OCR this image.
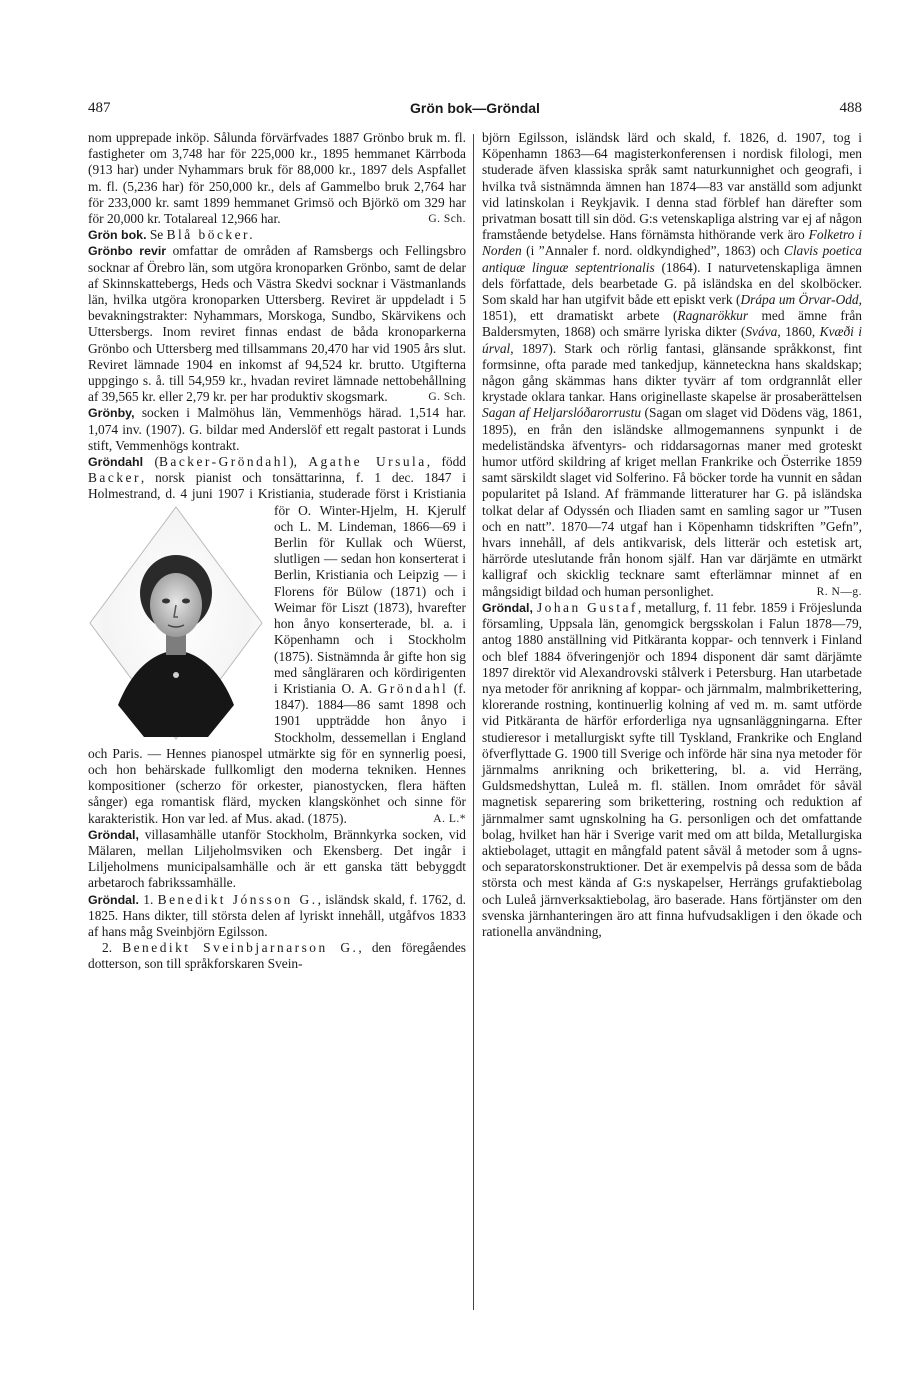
487	Grön bok—Gröndal	488

nom upprepade inköp. Sålunda förvärfvades 1887 Grönbo bruk m. fl. fastigheter om 3,748 har för 225,000 kr., 1895 hemmanet Kärrboda (913 har) under Nyhammars bruk för 88,000 kr., 1897 dels Aspfallet m. fl. (5,236 har) för 250,000 kr., dels af Gammelbo bruk 2,764 har för 233,000 kr. samt 1899 hemmanet Grimsö och Björkö om 329 har för 20,000 kr. Totalareal 12,966 har.	G. Sch.

Grön bok. Se Blå böcker.

Grönbo revir omfattar de områden af Ramsbergs och Fellingsbro socknar af Örebro län, som utgöra kronoparken Grönbo, samt de delar af Skinnskattebergs, Heds och Västra Skedvi socknar i Västmanlands län, hvilka utgöra kronoparken Uttersberg. Reviret är uppdeladt i 5 bevakningstrakter: Nyhammars, Morskoga, Sundbo, Skärvikens och Uttersbergs. Inom reviret finnas endast de båda kronoparkerna Grönbo och Uttersberg med tillsammans 20,470 har vid 1905 års slut. Reviret lämnade 1904 en inkomst af 94,524 kr. brutto. Utgifterna uppgingo s. å. till 54,959 kr., hvadan reviret lämnade nettobehållning af 39,565 kr. eller 2,79 kr. per har produktiv skogsmark.	G. Sch.

Grönby, socken i Malmöhus län, Vemmenhögs härad. 1,514 har. 1,074 inv. (1907). G. bildar med Anderslöf ett regalt pastorat i Lunds stift, Vemmenhögs kontrakt.

Gröndahl (Backer-Gröndahl), Agathe Ursula, född Backer, norsk pianist och tonsättarinna, f. 1 dec. 1847 i Holmestrand, d. 4 juni 1907 i Kristiania, studerade först i Kristiania för O.
Winter-Hjelm, H. Kjerulf och L. M. Lindeman, 1866—69 i Berlin för Kullak och Wüerst, slutligen — sedan hon konserterat i Berlin, Kristiania och Leipzig — i Florens för Bülow (1871) och i Weimar för Liszt (1873), hvarefter hon ånyo konserterade, bl. a. i Köpenhamn och i Stockholm (1875). Sistnämnda år gifte hon sig med sångläraren och kördirigenten i Kristiania O. A. Gröndahl (f. 1847). 1884—86 samt 1898 och 1901 uppträdde hon ånyo i Stockholm, dessemellan i England och Paris. — Hennes pianospel utmärkte sig för en synnerlig poesi, och hon behärskade fullkomligt den moderna tekniken. Hennes kompositioner (scherzo för orkester, pianostycken, flera häften sånger) ega romantisk flärd, mycken klangskönhet och sinne för karakteristik. Hon var led. af Mus. akad. (1875).	A. L.*

Gröndal, villasamhälle utanför Stockholm, Brännkyrka socken, vid Mälaren, mellan Liljeholmsviken och Ekensberg. Det ingår i Liljeholmens municipalsamhälle och är ett ganska tätt bebyggdt arbetaroch fabrikssamhälle.

Gröndal. 1. Benedikt Jónsson G., isländsk skald, f. 1762, d. 1825. Hans dikter, till största delen af lyriskt innehåll, utgåfvos 1833 af hans måg Sveinbjörn Egilsson.

2. Benedikt Sveinbjarnarson G., den föregåendes dotterson, son till språkforskaren Svein-

björn Egilsson, isländsk lärd och skald, f. 1826, d. 1907, tog i Köpenhamn 1863—64 magisterkonferensen i nordisk filologi, men studerade äfven klassiska språk samt naturkunnighet och geografi, i hvilka två sistnämnda ämnen han 1874—83 var anställd som adjunkt vid latinskolan i Reykjavik. I denna stad förblef han därefter som privatman bosatt till sin död. G:s vetenskapliga alstring var ej af någon framstående betydelse. Hans förnämsta hithörande verk äro Folketro i Norden (i ”Annaler f. nord. oldkyndighed”, 1863) och Clavis poetica antiquæ linguæ septentrionalis (1864). I naturvetenskapliga ämnen dels författade, dels bearbetade G. på isländska en del skolböcker. Som skald har han utgifvit både ett episkt verk (Drápa um Örvar-Odd, 1851), ett dramatiskt arbete (Ragnarökkur med ämne från Baldersmyten, 1868) och smärre lyriska dikter (Sváva, 1860, Kvæði i úrval, 1897). Stark och rörlig fantasi, glänsande språkkonst, fint formsinne, ofta parade med tankedjup, känneteckna hans skaldskap; någon gång skämmas hans dikter tyvärr af tom ordgrannlåt eller krystade oklara tankar. Hans originellaste skapelse är prosaberättelsen Sagan af Heljarslóðarorrustu (Sagan om slaget vid Dödens väg, 1861, 1895), en från den isländske allmogemannens synpunkt i de medeliständska äfventyrs- och riddarsagornas maner med groteskt humor utförd skildring af kriget mellan Frankrike och Österrike 1859 samt särskildt slaget vid Solferino. Få böcker torde ha vunnit en sådan popularitet på Island. Af främmande litteraturer har G. på isländska tolkat delar af Odyssén och Iliaden samt en samling sagor ur ”Tusen och en natt”. 1870—74 utgaf han i Köpenhamn tidskriften ”Gefn”, hvars innehåll, af dels antikvarisk, dels litterär och estetisk art, härrörde uteslutande från honom själf. Han var därjämte en utmärkt kalligraf och skicklig tecknare samt efterlämnar minnet af en mångsidigt bildad och human personlighet.	R. N—g.

Gröndal, Johan Gustaf, metallurg, f. 11 febr. 1859 i Fröjeslunda församling, Uppsala län, genomgick bergsskolan i Falun 1878—79, antog 1880 anställning vid Pitkäranta koppar- och tennverk i Finland och blef 1884 öfveringenjör och 1894 disponent där samt därjämte 1897 direktör vid Alexandrovski stålverk i Petersburg. Han utarbetade nya metoder för anrikning af koppar- och järnmalm, malmbrikettering, klorerande rostning, kontinuerlig kolning af ved m. m. samt utförde vid Pitkäranta de härför erforderliga nya ugnsanläggningarna. Efter studieresor i metallurgiskt syfte till Tyskland, Frankrike och England öfverflyttade G. 1900 till Sverige och införde här sina nya metoder för järnmalms anrikning och brikettering, bl. a. vid Herräng, Guldsmedshyttan, Luleå m. fl. ställen. Inom området för såväl magnetisk separering som brikettering, rostning och reduktion af järnmalmer samt ugnskolning ha G. personligen och det omfattande bolag, hvilket han här i Sverige varit med om att bilda, Metallurgiska aktiebolaget, uttagit en mångfald patent såväl å metoder som å ugns- och separatorskonstruktioner. Det är exempelvis på dessa som de båda största och mest kända af G:s nyskapelser, Herrängs grufaktiebolag och Luleå järnverksaktiebolag, äro baserade. Hans förtjänster om den svenska järnhanteringen äro att finna hufvudsakligen i den ökade och rationella användning,
